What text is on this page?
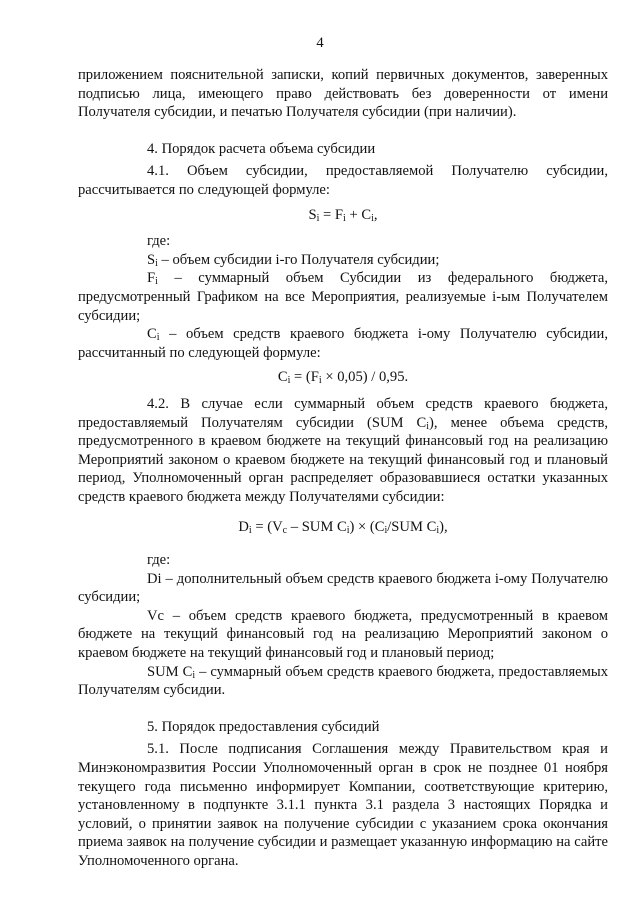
4

приложением пояснительной записки, копий первичных документов, заверенных подписью лица, имеющего право действовать без доверенности от имени Получателя субсидии, и печатью Получателя субсидии (при наличии).

4. Порядок расчета объема субсидии

4.1. Объем субсидии, предоставляемой Получателю субсидии, рассчитывается по следующей формуле:

$S_i = F_i + C_i$,

где:

$S_i$ – объем субсидии i-го Получателя субсидии;

$F_i$ – суммарный объем Субсидии из федерального бюджета, предусмотренный Графиком на все Мероприятия, реализуемые i-ым Получателем субсидии;

$C_i$ – объем средств краевого бюджета i-ому Получателю субсидии, рассчитанный по следующей формуле:

$C_i = (F_i \times 0,05) / 0,95$.

4.2. В случае если суммарный объем средств краевого бюджета, предоставляемый Получателям субсидии (SUM $C_i$), менее объема средств, предусмотренного в краевом бюджете на текущий финансовый год на реализацию Мероприятий законом о краевом бюджете на текущий финансовый год и плановый период, Уполномоченный орган распределяет образовавшиеся остатки указанных средств краевого бюджета между Получателями субсидии:

$D_i = (V_c$ – SUM $C_i) \times (C_i/SUM$ $C_i$),

где:

Di – дополнительный объем средств краевого бюджета i-ому Получателю субсидии;

Vc – объем средств краевого бюджета, предусмотренный в краевом бюджете на текущий финансовый год на реализацию Мероприятий законом о краевом бюджете на текущий финансовый год и плановый период;

SUM $C_i$ – суммарный объем средств краевого бюджета, предоставляемых Получателям субсидии.

5. Порядок предоставления субсидий

5.1. После подписания Соглашения между Правительством края и Минэкономразвития России Уполномоченный орган в срок не позднее 01 ноября текущего года письменно информирует Компании, соответствующие критерию, установленному в подпункте 3.1.1 пункта 3.1 раздела 3 настоящих Порядка и условий, о принятии заявок на получение субсидии с указанием срока окончания приема заявок на получение субсидии и размещает указанную информацию на сайте Уполномоченного органа.
